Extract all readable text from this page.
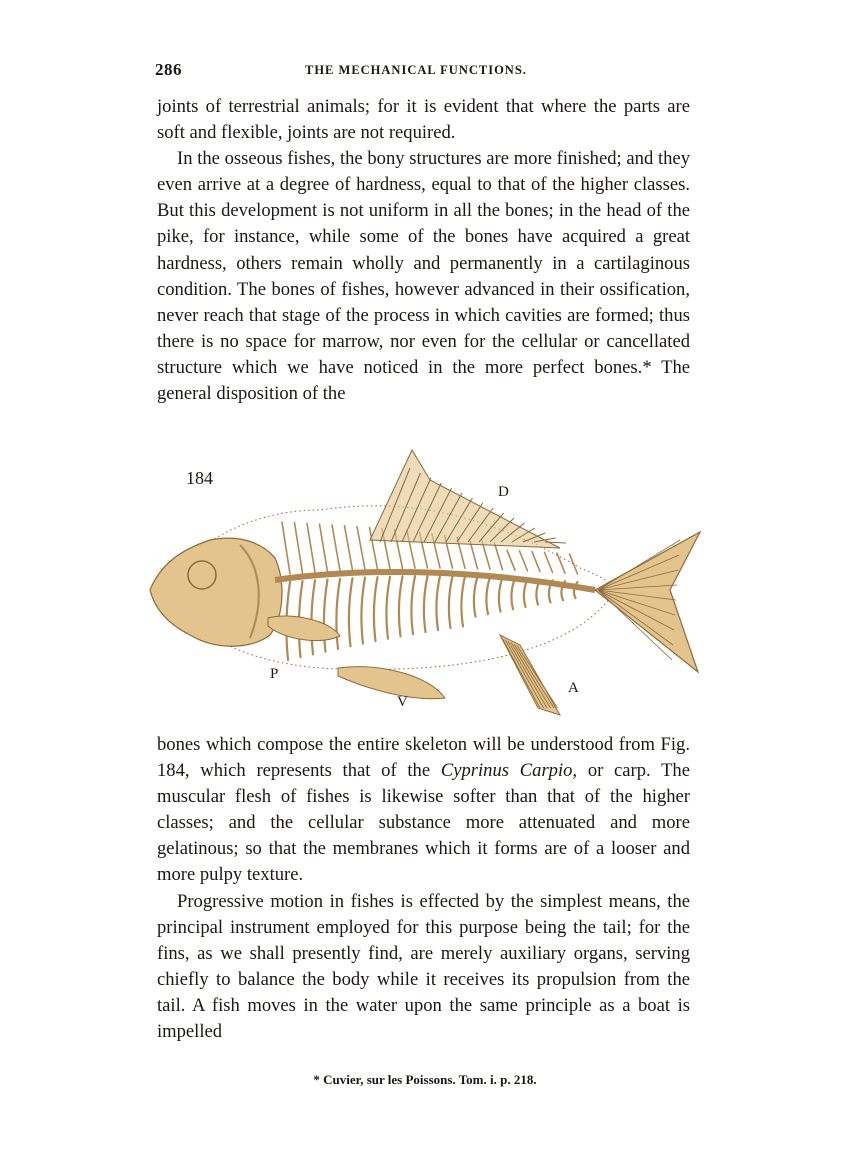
286	THE MECHANICAL FUNCTIONS.

joints of terrestrial animals; for it is evident that where the parts are soft and flexible, joints are not required.

In the osseous fishes, the bony structures are more finished; and they even arrive at a degree of hardness, equal to that of the higher classes. But this development is not uniform in all the bones; in the head of the pike, for instance, while some of the bones have acquired a great hardness, others remain wholly and permanently in a cartilaginous condition. The bones of fishes, however advanced in their ossification, never reach that stage of the process in which cavities are formed; thus there is no space for marrow, nor even for the cellular or cancellated structure which we have noticed in the more perfect bones.* The general disposition of the

184
D
P
V
A

bones which compose the entire skeleton will be understood from Fig. 184, which represents that of the Cyprinus Carpio, or carp. The muscular flesh of fishes is likewise softer than that of the higher classes; and the cellular substance more attenuated and more gelatinous; so that the membranes which it forms are of a looser and more pulpy texture.

Progressive motion in fishes is effected by the simplest means, the principal instrument employed for this purpose being the tail; for the fins, as we shall presently find, are merely auxiliary organs, serving chiefly to balance the body while it receives its propulsion from the tail. A fish moves in the water upon the same principle as a boat is impelled

* Cuvier, sur les Poissons. Tom. i. p. 218.
